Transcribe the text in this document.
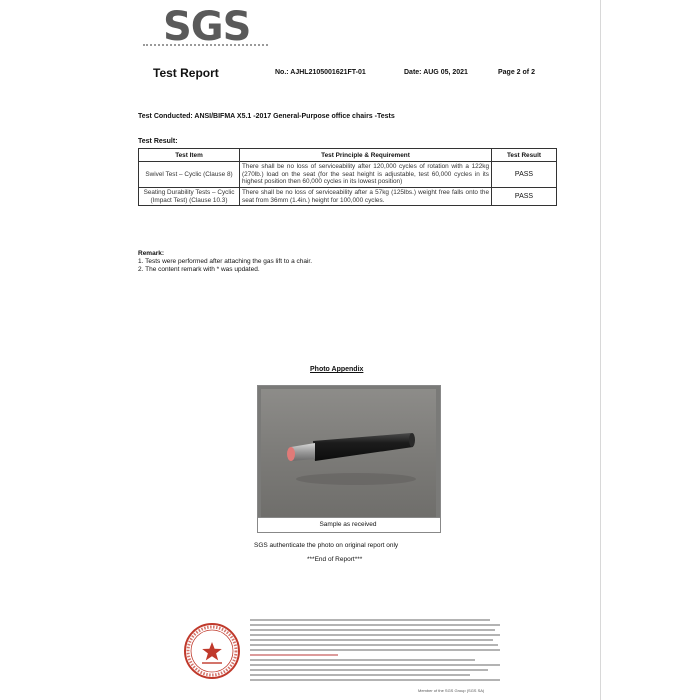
SGS
Test Report	No.: AJHL2105001621FT-01	Date: AUG 05, 2021	Page 2 of 2
Test Conducted: ANSI/BIFMA X5.1 -2017 General-Purpose office chairs -Tests
Test Result:
Test Item	Test Principle & Requirement	Test Result
Swivel Test – Cyclic (Clause 8)	There shall be no loss of serviceability after 120,000 cycles of rotation with a 122kg (270lb.) load on the seat (for the seat height is adjustable, test 60,000 cycles in its highest position then 60,000 cycles in its lowest position)	PASS
Seating Durability Tests – Cyclic (Impact Test) (Clause 10.3)	There shall be no loss of serviceability after a 57kg (125lbs.) weight free falls onto the seat from 36mm (1.4in.) height for 100,000 cycles.	PASS
Remark:
1. Tests were performed after attaching the gas lift to a chair.
2. The content remark with * was updated.
Photo Appendix
Sample as received
SGS authenticate the photo on original report only
***End of Report***
Member of the SGS Group (SGS SA)
